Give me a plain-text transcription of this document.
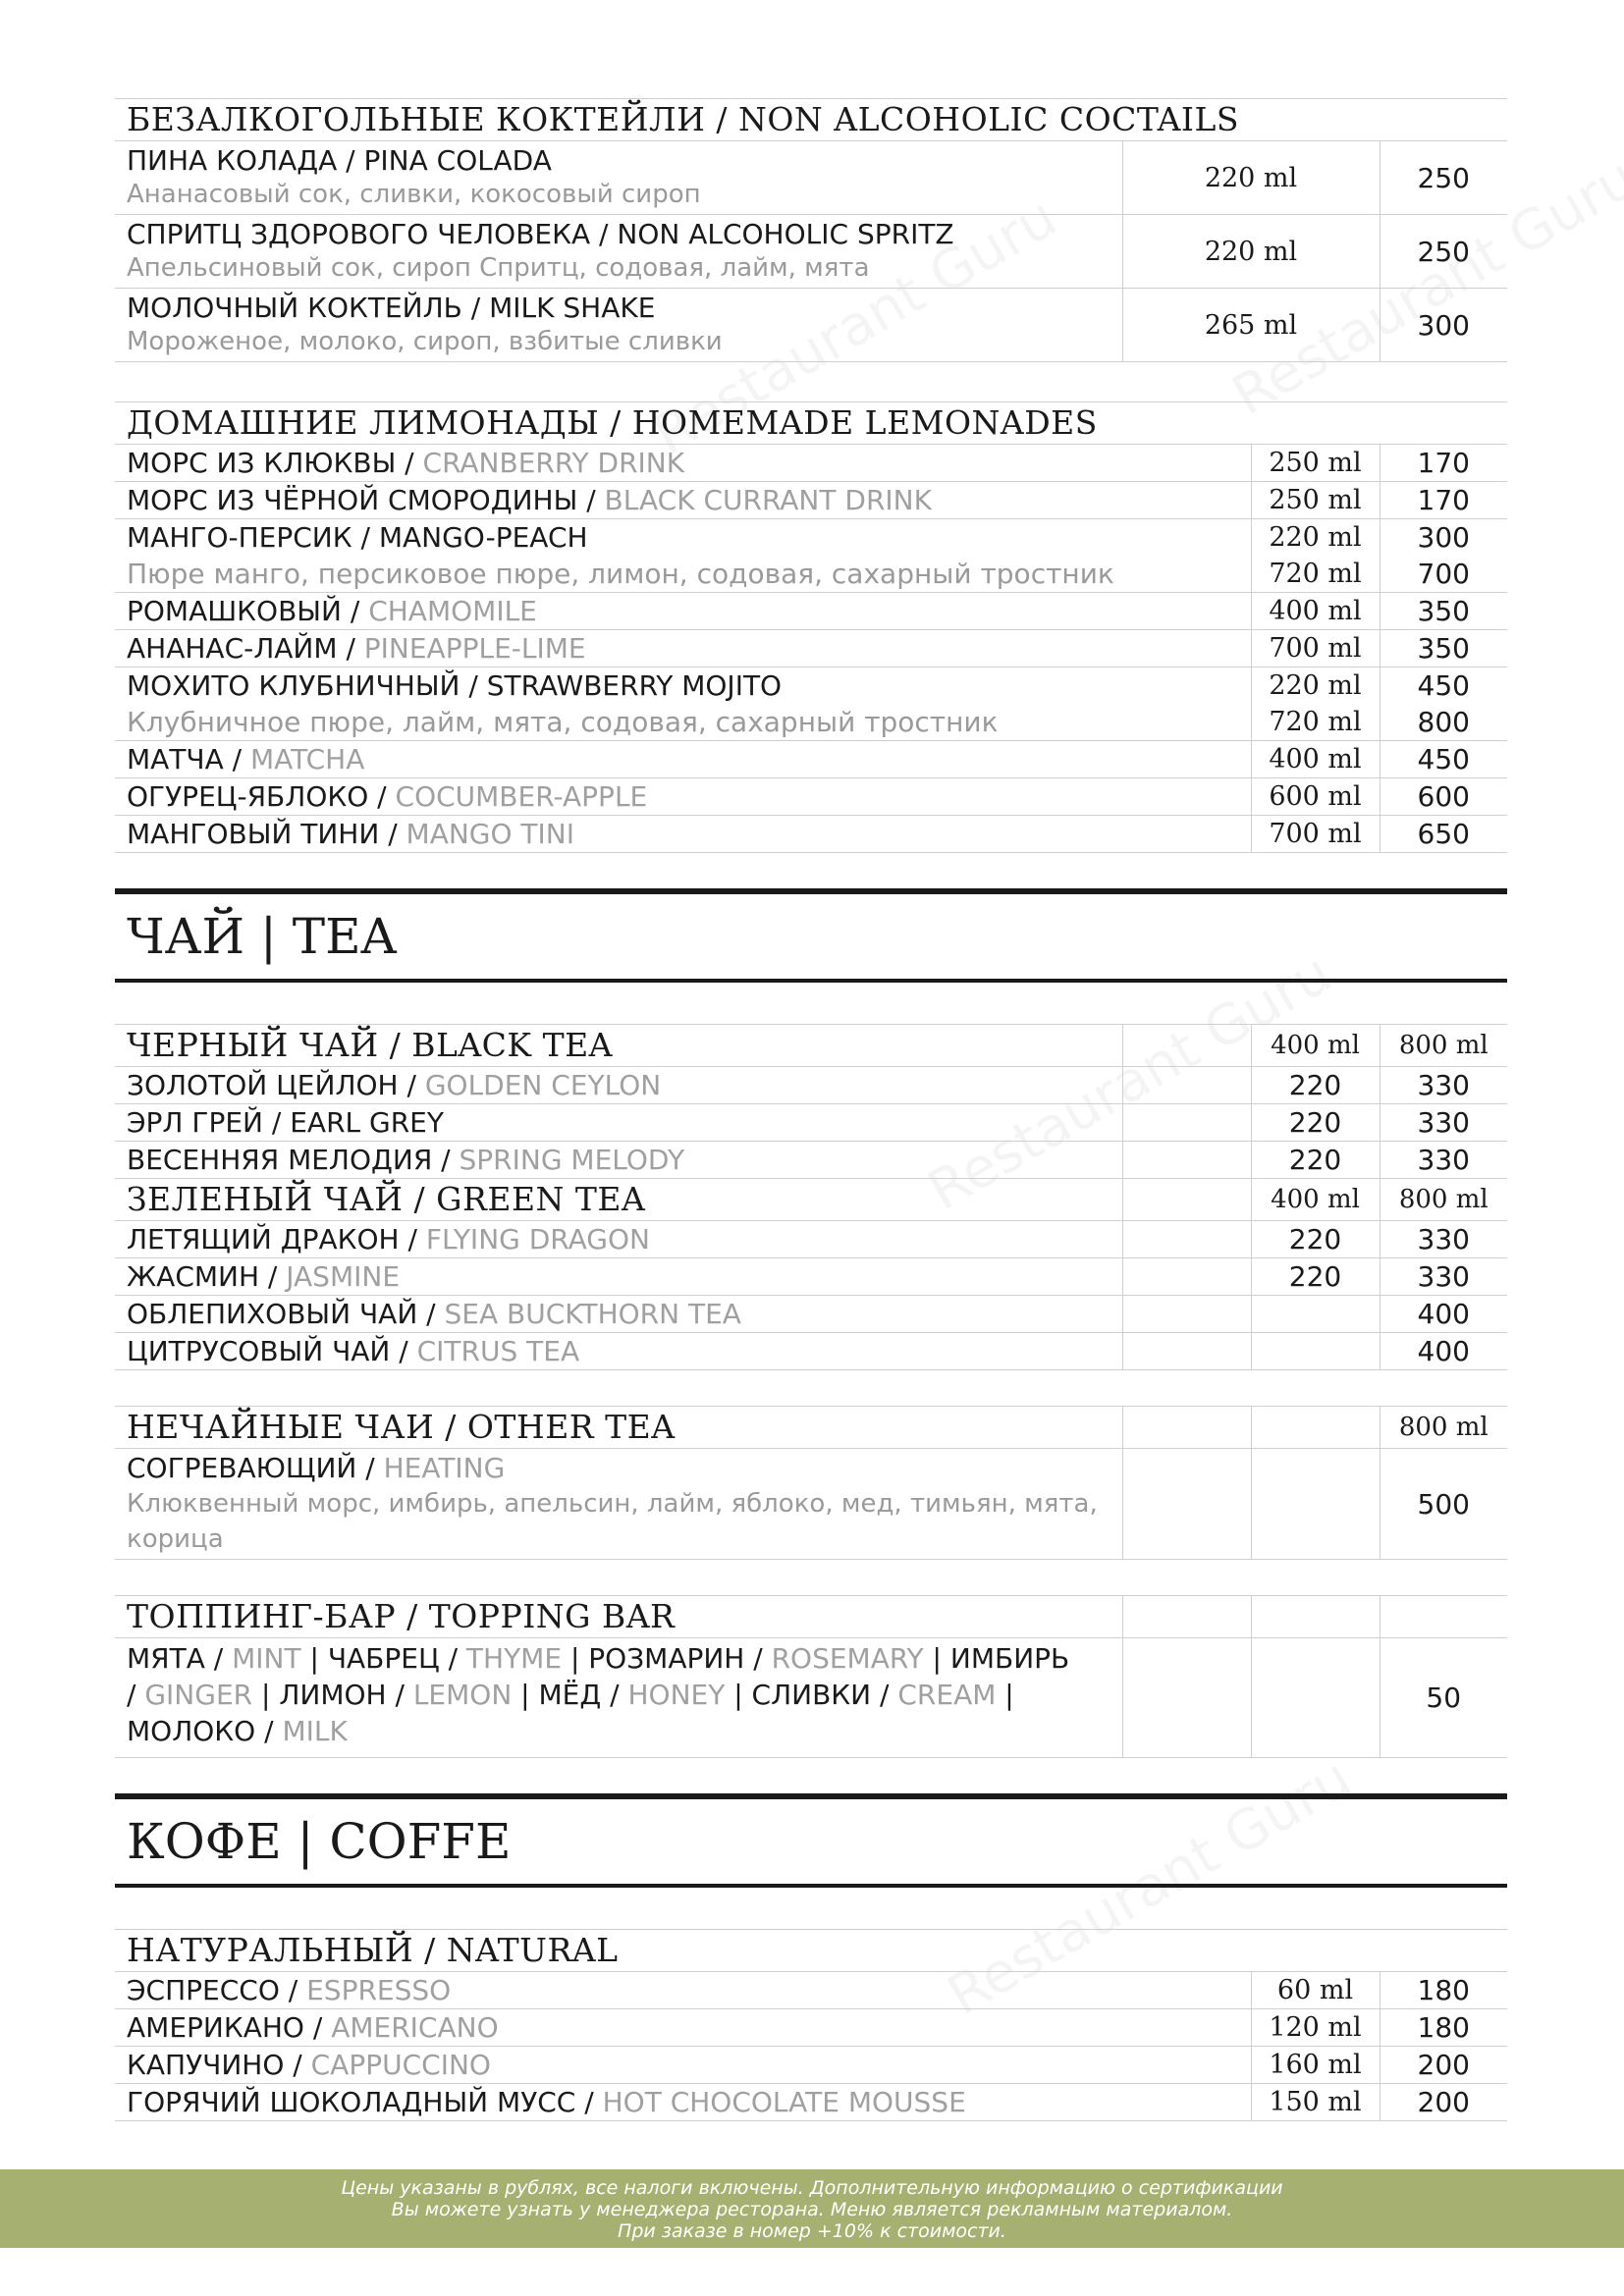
БЕЗАЛКОГОЛЬНЫЕ КОКТЕЙЛИ / NON ALCOHOLIC COCTAILS		

ПИНА КОЛАДА / PINA COLADA
Ананасовый сок, сливки, кокосовый сироп	220 ml	250

СПРИТЦ ЗДОРОВОГО ЧЕЛОВЕКА / NON ALCOHOLIC SPRITZ
Апельсиновый сок, сироп Спритц, содовая, лайм, мята	220 ml	250

МОЛОЧНЫЙ КОКТЕЙЛЬ / MILK SHAKE
Мороженое, молоко, сироп, взбитые сливки	265 ml	300
ДОМАШНИЕ ЛИМОНАДЫ / HOMEMADE LEMONADES			
МОРС ИЗ КЛЮКВЫ / CRANBERRY DRINK		250 ml	170
МОРС ИЗ ЧЁРНОЙ СМОРОДИНЫ / BLACK CURRANT DRINK		250 ml	170
МАНГО-ПЕРСИК / MANGO-PEACH		220 ml	300
Пюре манго, персиковое пюре, лимон, содовая, сахарный тростник		720 ml	700
РОМАШКОВЫЙ / CHAMOMILE		400 ml	350
АНАНАС-ЛАЙМ / PINEAPPLE-LIME		700 ml	350
МОХИТО КЛУБНИЧНЫЙ / STRAWBERRY MOJITO		220 ml	450
Клубничное пюре, лайм, мята, содовая, сахарный тростник		720 ml	800
МАТЧА / MATCHA		400 ml	450
ОГУРЕЦ-ЯБЛОКО / COCUMBER-APPLE		600 ml	600
МАНГОВЫЙ ТИНИ / MANGO TINI		700 ml	650
ЧАЙ | TEA
ЧЕРНЫЙ ЧАЙ / BLACK TEA		400 ml	800 ml
ЗОЛОТОЙ ЦЕЙЛОН / GOLDEN CEYLON		220	330
ЭРЛ ГРЕЙ / EARL GREY		220	330
ВЕСЕННЯЯ МЕЛОДИЯ / SPRING MELODY		220	330
ЗЕЛЕНЫЙ ЧАЙ / GREEN TEA		400 ml	800 ml
ЛЕТЯЩИЙ ДРАКОН / FLYING DRAGON		220	330
ЖАСМИН / JASMINE		220	330
ОБЛЕПИХОВЫЙ ЧАЙ / SEA BUCKTHORN TEA			400
ЦИТРУСОВЫЙ ЧАЙ / CITRUS TEA			400
НЕЧАЙНЫЕ ЧАИ / OTHER TEA			800 ml

СОГРЕВАЮЩИЙ / HEATING
Клюквенный морс, имбирь, апельсин, лайм, яблоко, мед, тимьян, мята, корица			500
ТОППИНГ-БАР / TOPPING BAR			
МЯТА / MINT | ЧАБРЕЦ / THYME | РОЗМАРИН / ROSEMARY | ИМБИРЬ / GINGER | ЛИМОН / LEMON | МЁД / HONEY | СЛИВКИ / CREAM | МОЛОКО / MILK			50
КОФЕ | COFFE
НАТУРАЛЬНЫЙ / NATURAL			
ЭСПРЕССО / ESPRESSO		60 ml	180
АМЕРИКАНО / AMERICANO		120 ml	180
КАПУЧИНО / CAPPUCCINO		160 ml	200
ГОРЯЧИЙ ШОКОЛАДНЫЙ МУСС / HOT CHOCOLATE MOUSSE		150 ml	200
Цены указаны в рублях, все налоги включены. Дополнительную информацию о сертификации
Вы можете узнать у менеджера ресторана. Меню является рекламным материалом.
При заказе в номер +10% к стоимости.
